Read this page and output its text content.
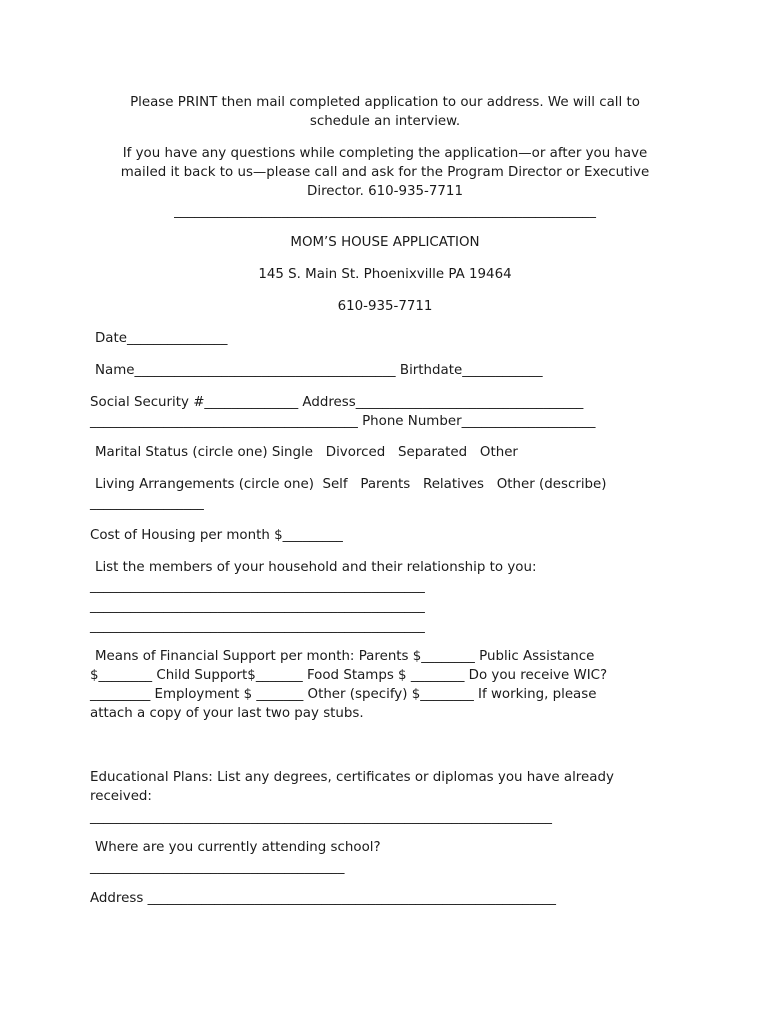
Please PRINT then mail completed application to our address. We will call to
schedule an interview.
If you have any questions while completing the application—or after you have
mailed it back to us—please call and ask for the Program Director or Executive
Director. 610-935-7711
_______________________________________________________________
MOM’S HOUSE APPLICATION
145 S. Main St. Phoenixville PA 19464
610-935-7711
Date_______________
Name_______________________________________ Birthdate____________
Social Security #______________ Address__________________________________
________________________________________ Phone Number____________________
Marital Status (circle one) Single   Divorced   Separated   Other
Living Arrangements (circle one)  Self   Parents   Relatives   Other (describe)
_________________
Cost of Housing per month $_________
List the members of your household and their relationship to you:
__________________________________________________
__________________________________________________
__________________________________________________
Means of Financial Support per month: Parents $________ Public Assistance
$________ Child Support$_______ Food Stamps $ ________ Do you receive WIC?
_________ Employment $ _______ Other (specify) $________ If working, please
attach a copy of your last two pay stubs.
Educational Plans: List any degrees, certificates or diplomas you have already
received:
_____________________________________________________________________
Where are you currently attending school?
______________________________________
Address _____________________________________________________________
